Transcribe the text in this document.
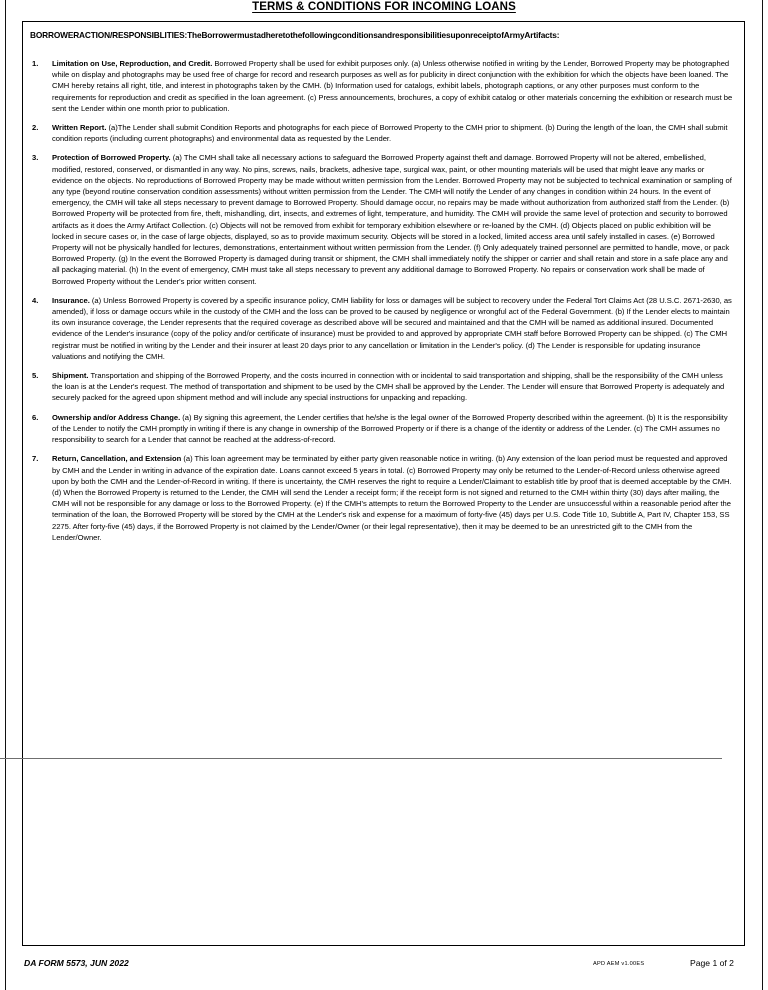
TERMS & CONDITIONS FOR INCOMING LOANS
BORROWERACTION/RESPONSIBLITIES:TheBorrowermustadheretothefollowingconditionsandresponsibilitiesuponreceiptofArmyArtifacts:
1.	Limitation on Use, Reproduction, and Credit. Borrowed Property shall be used for exhibit purposes only. (a) Unless otherwise notified in writing by the Lender, Borrowed Property may be photographed while on display and photographs may be used free of charge for record and research purposes as well as for publicity in direct conjunction with the exhibition for which the objects have been loaned. The CMH hereby retains all right, title, and interest in photographs taken by the CMH. (b) Information used for catalogs, exhibit labels, photograph captions, or any other purposes must conform to the requirements for reproduction and credit as specified in the loan agreement. (c) Press announcements, brochures, a copy of exhibit catalog or other materials concerning the exhibition or research must be sent the Lender within one month prior to publication.
2.	Written Report. (a)The Lender shall submit Condition Reports and photographs for each piece of Borrowed Property to the CMH prior to shipment. (b) During the length of the loan, the CMH shall submit condition reports (including current photographs) and environmental data as requested by the Lender.
3.	Protection of Borrowed Property. (a) The CMH shall take all necessary actions to safeguard the Borrowed Property against theft and damage. Borrowed Property will not be altered, embellished, modified, restored, conserved, or dismantled in any way. No pins, screws, nails, brackets, adhesive tape, surgical wax, paint, or other mounting materials will be used that might leave any marks or evidence on the objects. No reproductions of Borrowed Property may be made without written permission from the Lender. Borrowed Property may not be subjected to technical examination or sampling of any type (beyond routine conservation condition assessments) without written permission from the Lender. The CMH will notify the Lender of any changes in condition within 24 hours. In the event of emergency, the CMH will take all steps necessary to prevent damage to Borrowed Property. Should damage occur, no repairs may be made without authorization from authorized staff from the Lender. (b) Borrowed Property will be protected from fire, theft, mishandling, dirt, insects, and extremes of light, temperature, and humidity. The CMH will provide the same level of protection and security to borrowed artifacts as it does the Army Artifact Collection. (c) Objects will not be removed from exhibit for temporary exhibition elsewhere or re-loaned by the CMH. (d) Objects placed on public exhibition will be locked in secure cases or, in the case of large objects, displayed, so as to provide maximum security. Objects will be stored in a locked, limited access area until safely installed in cases. (e) Borrowed Property will not be physically handled for lectures, demonstrations, entertainment without written permission from the Lender. (f) Only adequately trained personnel are permitted to handle, move, or pack Borrowed Property. (g) In the event the Borrowed Property is damaged during transit or shipment, the CMH shall immediately notify the shipper or carrier and shall retain and store in a safe place any and all packaging material. (h) In the event of emergency, CMH must take all steps necessary to prevent any additional damage to Borrowed Property. No repairs or conservation work shall be made of Borrowed Property without the Lender's prior written consent.
4.	Insurance. (a) Unless Borrowed Property is covered by a specific insurance policy, CMH liability for loss or damages will be subject to recovery under the Federal Tort Claims Act (28 U.S.C. 2671-2630, as amended), if loss or damage occurs while in the custody of the CMH and the loss can be proved to be caused by negligence or wrongful act of the Federal Government. (b) If the Lender elects to maintain its own insurance coverage, the Lender represents that the required coverage as described above will be secured and maintained and that the CMH will be named as additional insured. Documented evidence of the Lender's insurance (copy of the policy and/or certificate of insurance) must be provided to and approved by appropriate CMH staff before Borrowed Property can be shipped. (c) The CMH registrar must be notified in writing by the Lender and their insurer at least 20 days prior to any cancellation or limitation in the Lender's policy. (d) The Lender is responsible for updating insurance valuations and notifying the CMH.
5.	Shipment. Transportation and shipping of the Borrowed Property, and the costs incurred in connection with or incidental to said transportation and shipping, shall be the responsibility of the CMH unless the loan is at the Lender's request. The method of transportation and shipment to be used by the CMH shall be approved by the Lender. The Lender will ensure that Borrowed Property is adequately and securely packed for the agreed upon shipment method and will include any special instructions for unpacking and repacking.
6.	Ownership and/or Address Change. (a) By signing this agreement, the Lender certifies that he/she is the legal owner of the Borrowed Property described within the agreement. (b) It is the responsibility of the Lender to notify the CMH promptly in writing if there is any change in ownership of the Borrowed Property or if there is a change of the identity or address of the Lender. (c) The CMH assumes no responsibility to search for a Lender that cannot be reached at the address-of-record.
7.	Return, Cancellation, and Extension (a) This loan agreement may be terminated by either party given reasonable notice in writing. (b) Any extension of the loan period must be requested and approved by CMH and the Lender in writing in advance of the expiration date. Loans cannot exceed 5 years in total. (c) Borrowed Property may only be returned to the Lender-of-Record unless otherwise agreed upon by both the CMH and the Lender-of-Record in writing. If there is uncertainty, the CMH reserves the right to require a Lender/Claimant to establish title by proof that is deemed acceptable by the CMH. (d) When the Borrowed Property is returned to the Lender, the CMH will send the Lender a receipt form; if the receipt form is not signed and returned to the CMH within thirty (30) days after mailing, the CMH will not be responsible for any damage or loss to the Borrowed Property. (e) If the CMH's attempts to return the Borrowed Property to the Lender are unsuccessful within a reasonable period after the termination of the loan, the Borrowed Property will be stored by the CMH at the Lender's risk and expense for a maximum of forty-five (45) days per U.S. Code Title 10, Subtitle A, Part IV, Chapter 153, SS 2275. After forty-five (45) days, if the Borrowed Property is not claimed by the Lender/Owner (or their legal representative), then it may be deemed to be an unrestricted gift to the CMH from the Lender/Owner.
DA FORM 5573, JUN 2022	APD AEM v1.00ES	Page 1 of 2
